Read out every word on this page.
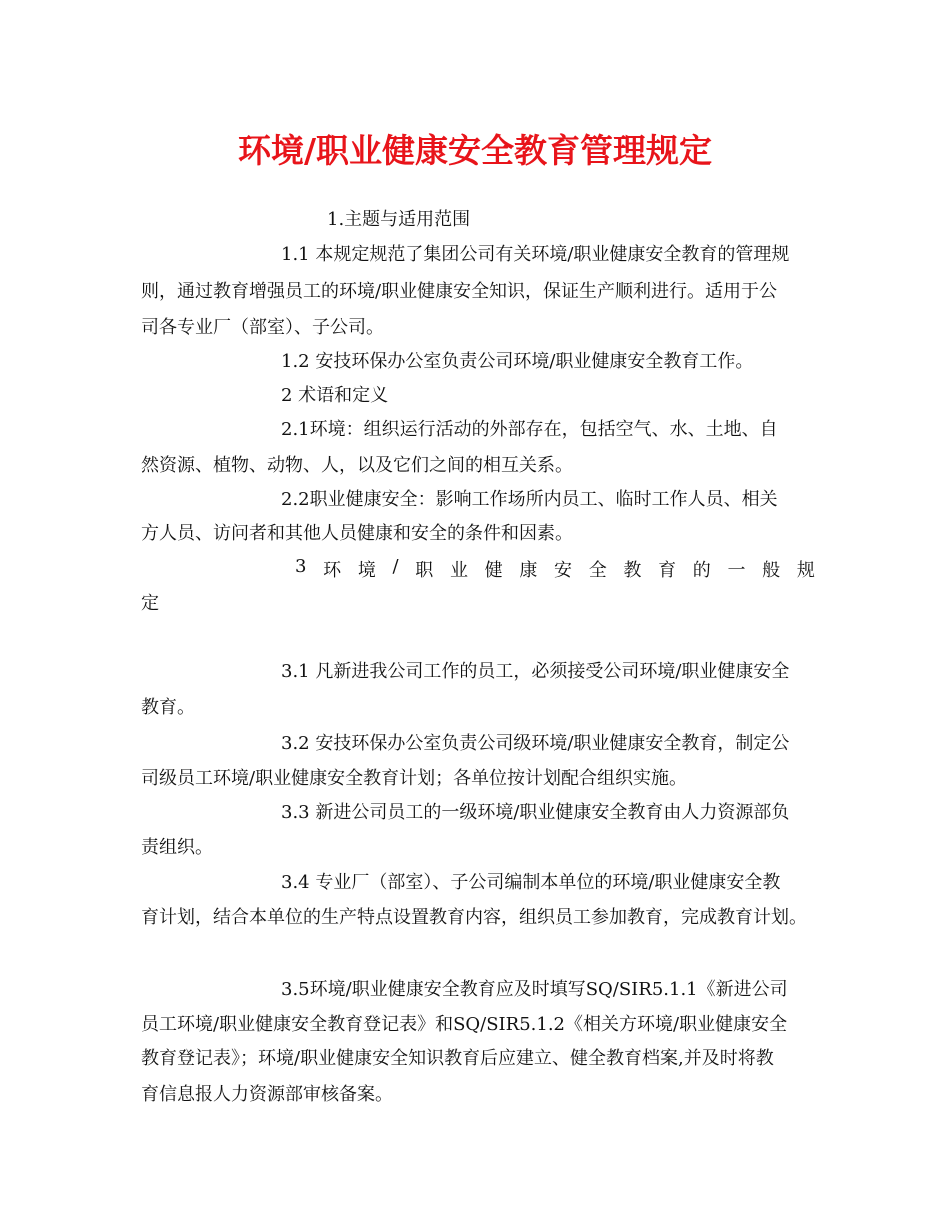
环境/职业健康安全教育管理规定
1.主题与适用范围
1.1 本规定规范了集团公司有关环境/职业健康安全教育的管理规
则，通过教育增强员工的环境/职业健康安全知识，保证生产顺利进行。适用于公
司各专业厂（部室）、子公司。
1.2 安技环保办公室负责公司环境/职业健康安全教育工作。
2 术语和定义
2.1环境：组织运行活动的外部存在，包括空气、水、土地、自
然资源、植物、动物、人，以及它们之间的相互关系。
2.2职业健康安全：影响工作场所内员工、临时工作人员、相关
方人员、访问者和其他人员健康和安全的条件和因素。
3 环 境 / 职 业 健 康 安 全 教 育 的 一 般 规
定
3.1 凡新进我公司工作的员工，必须接受公司环境/职业健康安全
教育。
3.2 安技环保办公室负责公司级环境/职业健康安全教育，制定公
司级员工环境/职业健康安全教育计划；各单位按计划配合组织实施。
3.3 新进公司员工的一级环境/职业健康安全教育由人力资源部负
责组织。
3.4 专业厂（部室）、子公司编制本单位的环境/职业健康安全教
育计划，结合本单位的生产特点设置教育内容，组织员工参加教育，完成教育计划。
3.5环境/职业健康安全教育应及时填写SQ/SIR5.1.1《新进公司
员工环境/职业健康安全教育登记表》和SQ/SIR5.1.2《相关方环境/职业健康安全
教育登记表》；环境/职业健康安全知识教育后应建立、健全教育档案,并及时将教
育信息报人力资源部审核备案。
